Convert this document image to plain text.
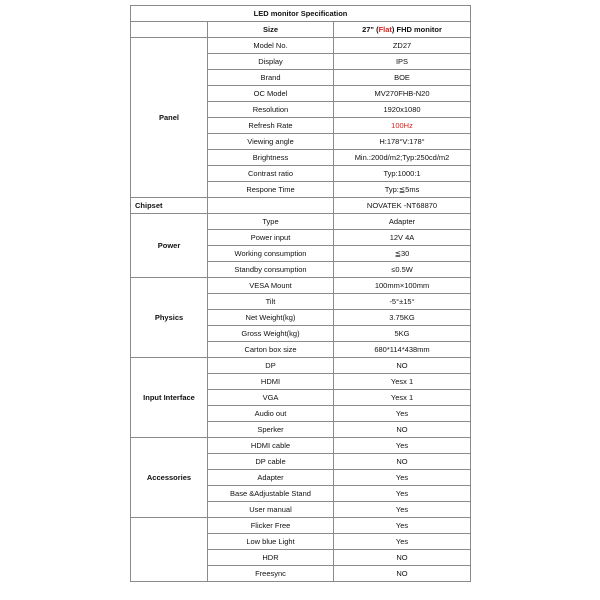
LED monitor Specification		
	Size	27" (Flat) FHD monitor
Panel	Model No.	ZD27
	Display	IPS
	Brand	BOE
	OC Model	MV270FHB-N20
	Resolution	1920x1080
	Refresh Rate	100Hz
	Viewing angle	H:178°V:178°
	Brightness	Min.:200d/m2;Typ:250cd/m2
	Contrast ratio	Typ:1000:1
	Respone Time	Typ:≦5ms
Chipset		NOVATEK -NT68870
Power	Type	Adapter
	Power input	12V 4A
	Working consumption	≦30
	Standby consumption	≤0.5W
Physics	VESA Mount	100mm×100mm
	Tilt	-5°±15°
	Net Weight(kg)	3.75KG
	Gross Weight(kg)	5KG
	Carton box size	680*114*438mm
Input Interface	DP	NO
	HDMI	Yesx 1
	VGA	Yesx 1
	Audio out	Yes
	Sperker	NO
Accessories	HDMI cable	Yes
	DP cable	NO
	Adapter	Yes
	Base &Adjustable Stand	Yes
	User manual	Yes
	Flicker Free	Yes
	Low blue Light	Yes
	HDR	NO
	Freesync	NO
